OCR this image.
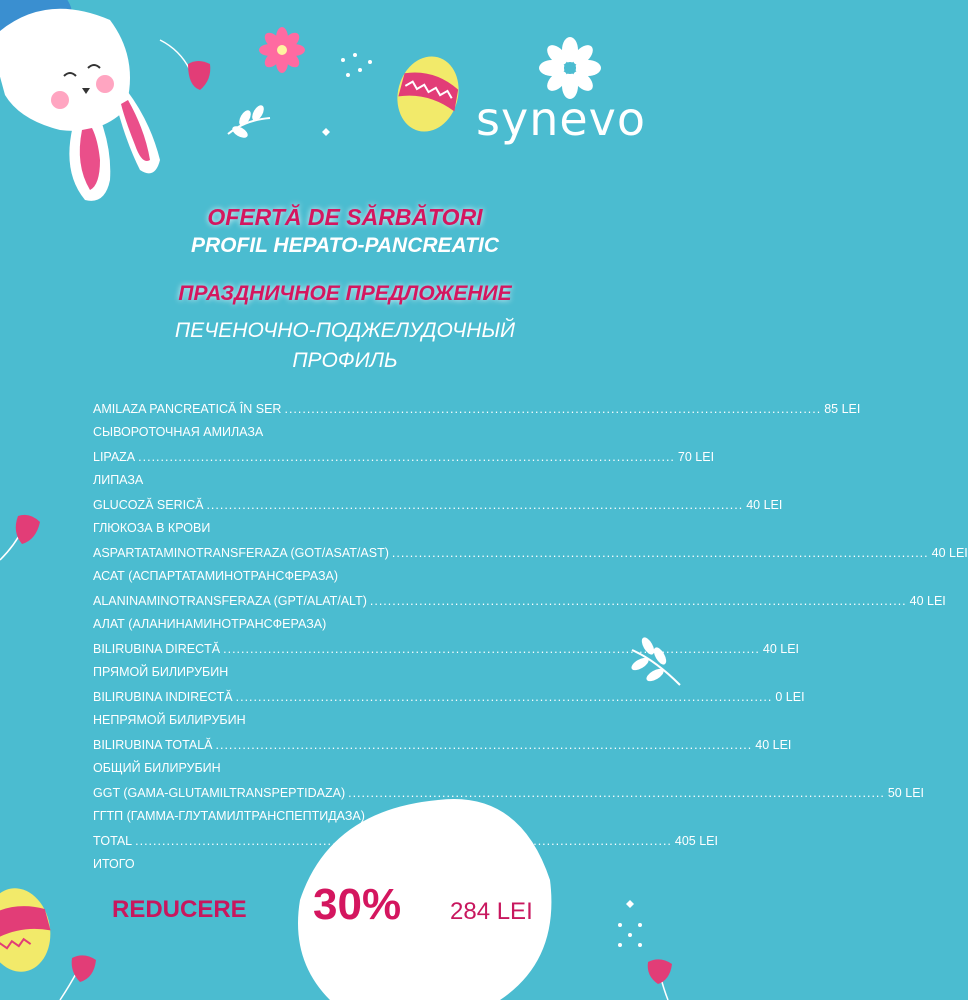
synevo
OFERTĂ DE SĂRBĂTORI
PROFIL HEPATO-PANCREATIC
ПРАЗДНИЧНОЕ ПРЕДЛОЖЕНИЕ
ПЕЧЕНОЧНО-ПОДЖЕЛУДОЧНЫЙ ПРОФИЛЬ
AMILAZA PANCREATICĂ ÎN SER ........................................................................................................................ 85 LEI
СЫВОРОТОЧНАЯ АМИЛАЗА
LIPAZA ........................................................................................................................ 70 LEI
ЛИПАЗА
GLUCOZĂ SERICĂ ........................................................................................................................ 40 LEI
ГЛЮКОЗА В КРОВИ
ASPARTATAMINOTRANSFERAZA (GOT/ASAT/AST) ........................................................................................................................ 40 LEI
АСАТ (АСПАРТАТАМИНОТРАНСФЕРАЗА)
ALANINAMINOTRANSFERAZA (GPT/ALAT/ALT) ........................................................................................................................ 40 LEI
АЛАТ (АЛАНИНАМИНОТРАНСФЕРАЗА)
BILIRUBINA DIRECTĂ ........................................................................................................................ 40 LEI
ПРЯМОЙ БИЛИРУБИН
BILIRUBINA INDIRECTĂ ........................................................................................................................ 0 LEI
НЕПРЯМОЙ БИЛИРУБИН
BILIRUBINA TOTALĂ ........................................................................................................................ 40 LEI
ОБЩИЙ БИЛИРУБИН
GGT (GAMA-GLUTAMILTRANSPEPTIDAZA) ........................................................................................................................ 50 LEI
ГГТП (ГАММА-ГЛУТАМИЛТРАНСПЕПТИДАЗА)
TOTAL ........................................................................................................................ 405 LEI
ИТОГО
REDUCERE 30% 284 LEI
